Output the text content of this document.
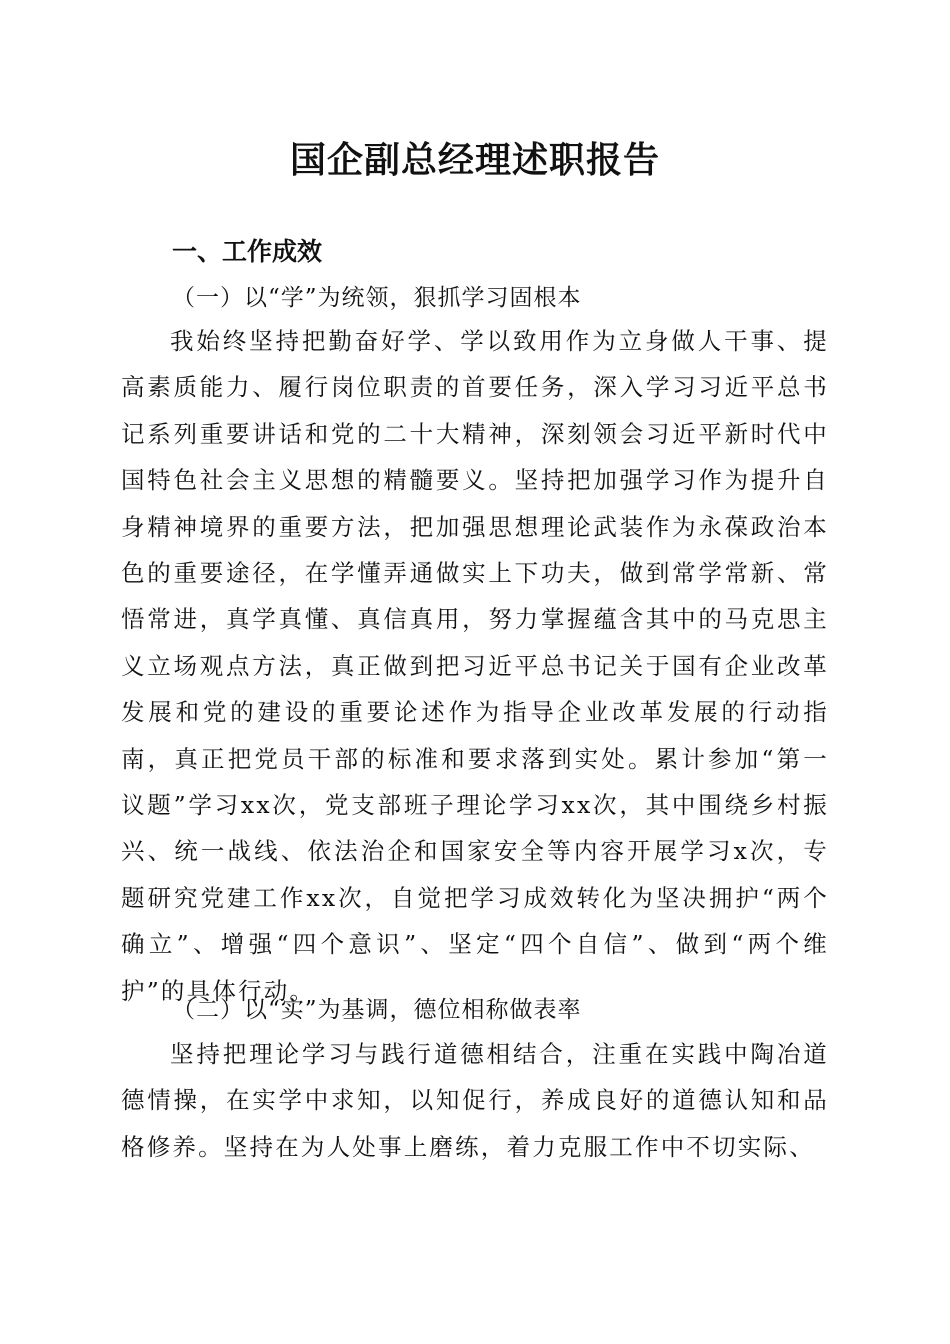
国企副总经理述职报告
一、工作成效
（一）以“学”为统领，狠抓学习固根本

我始终坚持把勤奋好学、学以致用作为立身做人干事、提高素质能力、履行岗位职责的首要任务，深入学习习近平总书记系列重要讲话和党的二十大精神，深刻领会习近平新时代中国特色社会主义思想的精髓要义。坚持把加强学习作为提升自身精神境界的重要方法，把加强思想理论武装作为永葆政治本色的重要途径，在学懂弄通做实上下功夫，做到常学常新、常悟常进，真学真懂、真信真用，努力掌握蕴含其中的马克思主义立场观点方法，真正做到把习近平总书记关于国有企业改革发展和党的建设的重要论述作为指导企业改革发展的行动指南，真正把党员干部的标准和要求落到实处。累计参加“第一议题”学习xx次，党支部班子理论学习xx次，其中围绕乡村振兴、统一战线、依法治企和国家安全等内容开展学习x次，专题研究党建工作xx次，自觉把学习成效转化为坚决拥护“两个确立”、增强“四个意识”、坚定“四个自信”、做到“两个维护”的具体行动。

（二）以“实”为基调，德位相称做表率

坚持把理论学习与践行道德相结合，注重在实践中陶冶道德情操，在实学中求知，以知促行，养成良好的道德认知和品格修养。坚持在为人处事上磨练，着力克服工作中不切实际、
